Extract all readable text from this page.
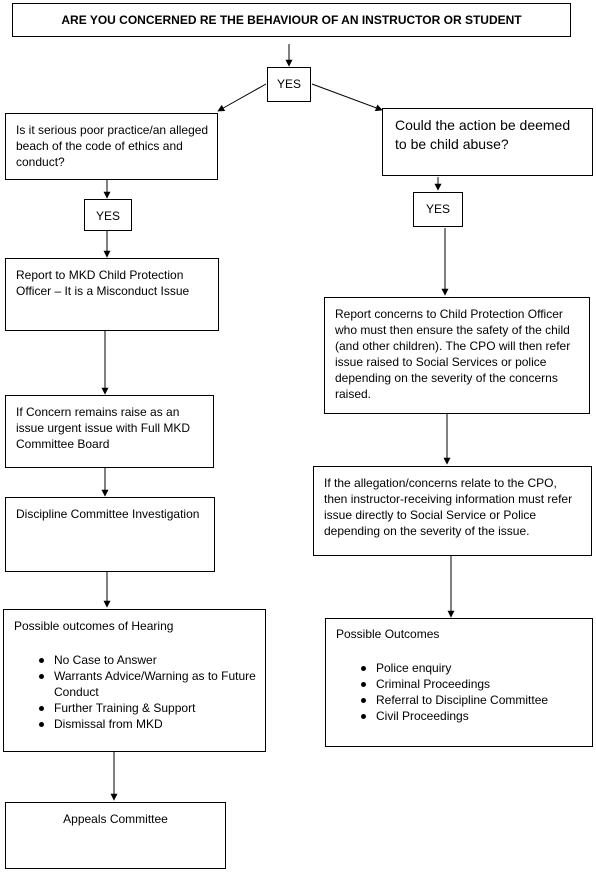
ARE YOU CONCERNED RE THE BEHAVIOUR OF AN INSTRUCTOR OR STUDENT
YES
Is it serious poor practice/an alleged beach of the code of ethics and conduct?
YES
Report to MKD Child Protection Officer – It is a Misconduct Issue
If Concern remains raise as an issue urgent issue with Full MKD Committee Board
Discipline Committee Investigation
Possible outcomes of Hearing
No Case to Answer
Warrants Advice/Warning as to Future Conduct
Further Training & Support
Dismissal from MKD
Appeals Committee
Could the action be deemed to be child abuse?
YES
Report concerns to Child Protection Officer who must then ensure the safety of the child (and other children). The CPO will then refer issue raised to Social Services or police depending on the severity of the concerns raised.
If the allegation/concerns relate to the CPO, then instructor-receiving information must refer issue directly to Social Service or Police depending on the severity of the issue.
Possible Outcomes
Police enquiry
Criminal Proceedings
Referral to Discipline Committee
Civil Proceedings
